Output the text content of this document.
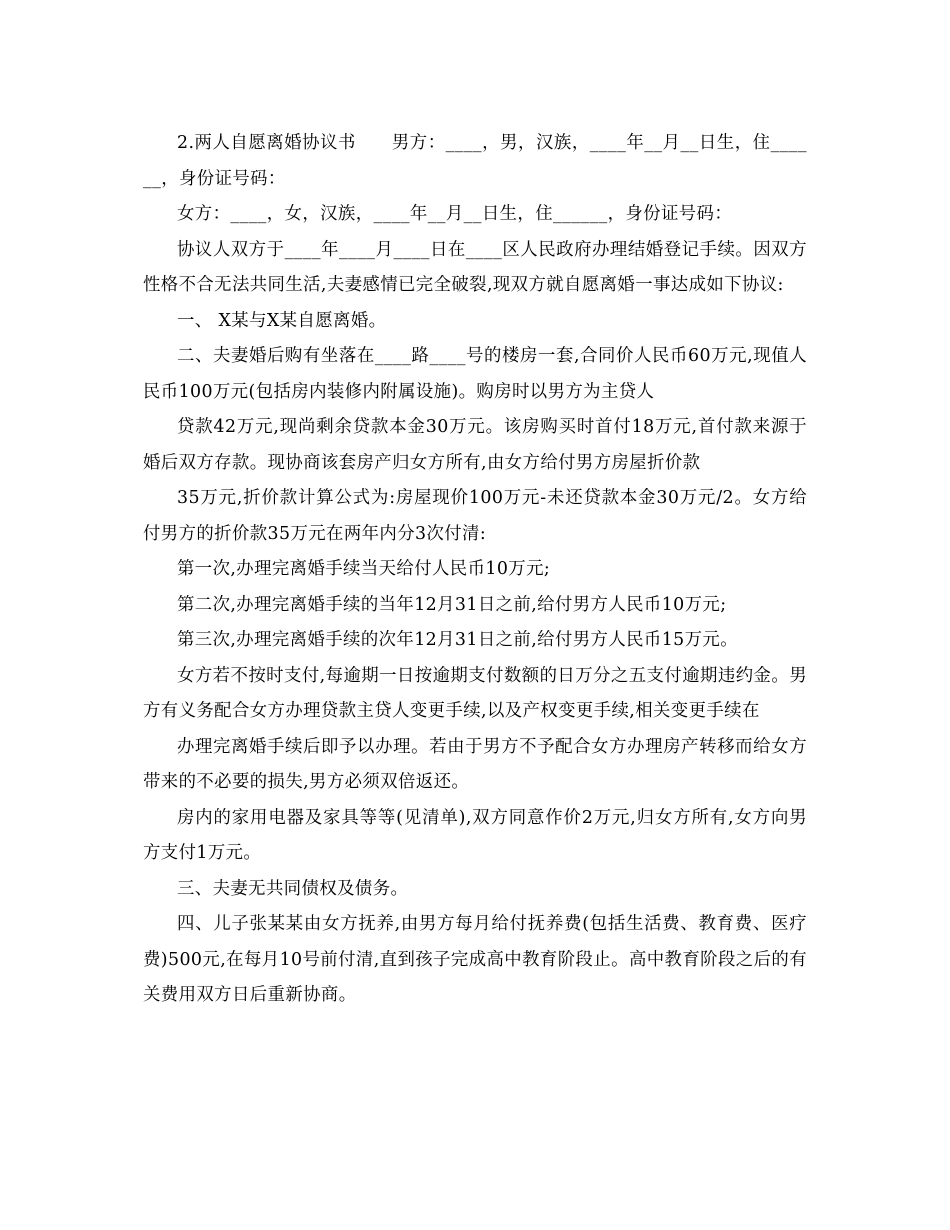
2.两人自愿离婚协议书　　男方：____，男，汉族，____年__月__日生，住______，身份证号码：

女方：____，女，汉族，____年__月__日生，住______，身份证号码：

协议人双方于____年____月____日在____区人民政府办理结婚登记手续。因双方性格不合无法共同生活,夫妻感情已完全破裂,现双方就自愿离婚一事达成如下协议:

一、 X某与X某自愿离婚。

二、夫妻婚后购有坐落在____路____号的楼房一套,合同价人民币60万元,现值人民币100万元(包括房内装修内附属设施)。购房时以男方为主贷人

贷款42万元,现尚剩余贷款本金30万元。该房购买时首付18万元,首付款来源于婚后双方存款。现协商该套房产归女方所有,由女方给付男方房屋折价款

35万元,折价款计算公式为:房屋现价100万元-未还贷款本金30万元/2。女方给付男方的折价款35万元在两年内分3次付清:

第一次,办理完离婚手续当天给付人民币10万元;

第二次,办理完离婚手续的当年12月31日之前,给付男方人民币10万元;

第三次,办理完离婚手续的次年12月31日之前,给付男方人民币15万元。

女方若不按时支付,每逾期一日按逾期支付数额的日万分之五支付逾期违约金。男方有义务配合女方办理贷款主贷人变更手续,以及产权变更手续,相关变更手续在

办理完离婚手续后即予以办理。若由于男方不予配合女方办理房产转移而给女方带来的不必要的损失,男方必须双倍返还。

房内的家用电器及家具等等(见清单),双方同意作价2万元,归女方所有,女方向男方支付1万元。

三、夫妻无共同债权及债务。

四、儿子张某某由女方抚养,由男方每月给付抚养费(包括生活费、教育费、医疗费)500元,在每月10号前付清,直到孩子完成高中教育阶段止。高中教育阶段之后的有关费用双方日后重新协商。
